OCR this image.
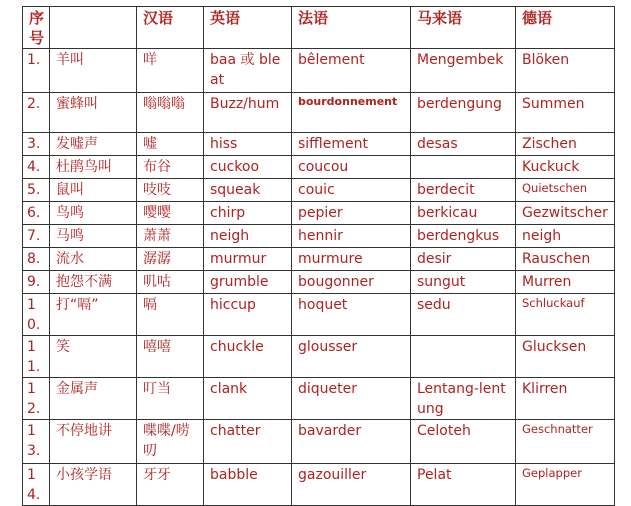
序号		汉语	英语	法语	马来语	德语
1.	羊叫	咩	baa 或 bleat	bêlement	Mengembek	Blöken
2.	蜜蜂叫	嗡嗡嗡	Buzz/hum	bourdonnement	berdengung	Summen
3.	发嘘声	嘘	hiss	sifflement	desas	Zischen
4.	杜鹃鸟叫	布谷	cuckoo	coucou		Kuckuck
5.	鼠叫	吱吱	squeak	couic	berdecit	Quietschen
6.	鸟鸣	嘤嘤	chirp	pepier	berkicau	Gezwitscher
7.	马鸣	萧萧	neigh	hennir	berdengkus	neigh
8.	流水	潺潺	murmur	murmure	desir	Rauschen
9.	抱怨不满	叽咕	grumble	bougonner	sungut	Murren
10.	打“嗝”	嗝	hiccup	hoquet	sedu	Schluckauf
11.	笑	嘻嘻	chuckle	glousser		Glucksen
12.	金属声	叮当	clank	diqueter	Lentang-lentung	Klirren
13.	不停地讲	喋喋/唠叨	chatter	bavarder	Celoteh	Geschnatter
14.	小孩学语	牙牙	babble	gazouiller	Pelat	Geplapper
